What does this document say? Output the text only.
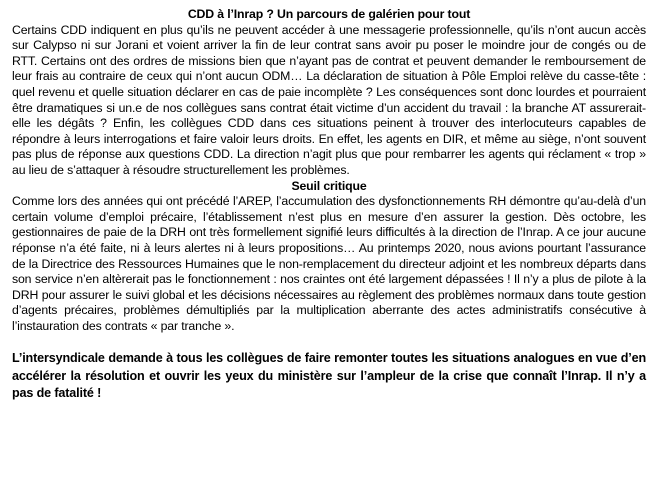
CDD à l’Inrap ? Un parcours de galérien pour tout

Certains CDD indiquent en plus qu’ils ne peuvent accéder à une messagerie professionnelle, qu’ils n’ont aucun accès sur Calypso ni sur Jorani et voient arriver la fin de leur contrat sans avoir pu poser le moindre jour de congés ou de RTT. Certains ont des ordres de missions bien que n’ayant pas de contrat et peuvent demander le remboursement de leur frais au contraire de ceux qui n’ont aucun ODM… La déclaration de situation à Pôle Emploi relève du casse-tête : quel revenu et quelle situation déclarer en cas de paie incomplète ? Les conséquences sont donc lourdes et pourraient être dramatiques si un.e de nos collègues sans contrat était victime d’un accident du travail : la branche AT assurerait-elle les dégâts ? Enfin, les collègues CDD dans ces situations peinent à trouver des interlocuteurs capables de répondre à leurs interrogations et faire valoir leurs droits. En effet, les agents en DIR, et même au siège, n’ont souvent pas plus de réponse aux questions CDD. La direction n’agit plus que pour rembarrer les agents qui réclament « trop » au lieu de s’attaquer à résoudre structurellement les problèmes.

Seuil critique

Comme lors des années qui ont précédé l’AREP, l’accumulation des dysfonctionnements RH démontre qu’au-delà d’un certain volume d’emploi précaire, l’établissement n’est plus en mesure d’en assurer la gestion. Dès octobre, les gestionnaires de paie de la DRH ont très formellement signifié leurs difficultés à la direction de l’Inrap. A ce jour aucune réponse n’a été faite, ni à leurs alertes ni à leurs propositions… Au printemps 2020, nous avions pourtant l’assurance de la Directrice des Ressources Humaines que le non-remplacement du directeur adjoint et les nombreux départs dans son service n’en altèrerait pas le fonctionnement : nos craintes ont été largement dépassées ! Il n’y a plus de pilote à la DRH pour assurer le suivi global et les décisions nécessaires au règlement des problèmes normaux dans toute gestion d’agents précaires, problèmes démultipliés par la multiplication aberrante des actes administratifs consécutive à l’instauration des contrats « par tranche ».

L’intersyndicale demande à tous les collègues de faire remonter toutes les situations analogues en vue d’en accélérer la résolution et ouvrir les yeux du ministère sur l’ampleur de la crise que connaît l’Inrap. Il n’y a pas de fatalité !
